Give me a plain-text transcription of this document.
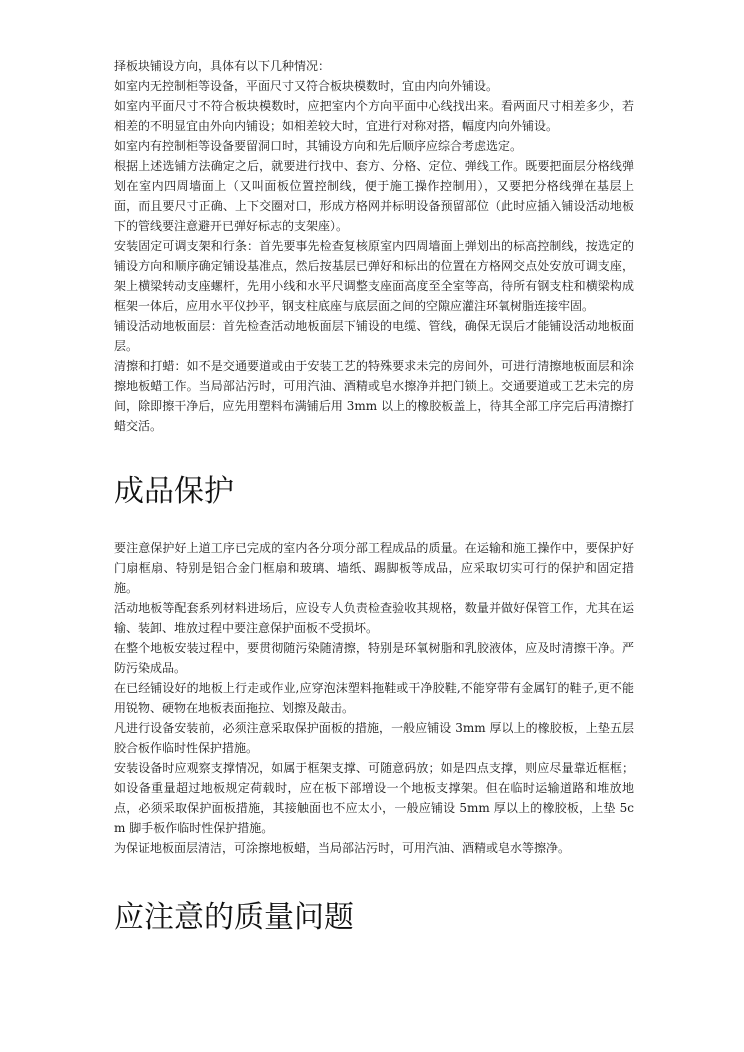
择板块铺设方向，具体有以下几种情况：

如室内无控制柜等设备，平面尺寸又符合板块模数时，宜由内向外铺设。

如室内平面尺寸不符合板块模数时，应把室内个方向平面中心线找出来。看两面尺寸相差多少，若相差的不明显宜由外向内铺设；如相差较大时，宜进行对称对搭，幅度内向外铺设。

如室内有控制柜等设备要留洞口时，其铺设方向和先后顺序应综合考虑选定。

根据上述选铺方法确定之后，就要进行找中、套方、分格、定位、弹线工作。既要把面层分格线弹划在室内四周墙面上（又叫面板位置控制线，便于施工操作控制用），又要把分格线弹在基层上面，而且要尺寸正确、上下交圈对口，形成方格网并标明设备预留部位（此时应插入铺设活动地板下的管线要注意避开已弹好标志的支架座）。

安装固定可调支架和行条：首先要事先检查复核原室内四周墙面上弹划出的标高控制线，按选定的铺设方向和顺序确定铺设基准点，然后按基层已弹好和标出的位置在方格网交点处安放可调支座，架上横梁转动支座螺杆，先用小线和水平尺调整支座面高度至全室等高，待所有钢支柱和横梁构成框架一体后，应用水平仪抄平，钢支柱底座与底层面之间的空隙应灌注环氧树脂连接牢固。

铺设活动地板面层：首先检查活动地板面层下铺设的电缆、管线，确保无误后才能铺设活动地板面层。

清擦和打蜡：如不是交通要道或由于安装工艺的特殊要求未完的房间外，可进行清擦地板面层和涂擦地板蜡工作。当局部沾污时，可用汽油、酒精或皂水擦净并把门锁上。交通要道或工艺未完的房间，除即擦干净后，应先用塑料布满铺后用 3mm 以上的橡胶板盖上，待其全部工序完后再清擦打蜡交活。

成品保护

要注意保护好上道工序已完成的室内各分项分部工程成品的质量。在运输和施工操作中，要保护好门扇框扇、特别是铝合金门框扇和玻璃、墙纸、踢脚板等成品，应采取切实可行的保护和固定措施。

活动地板等配套系列材料进场后，应设专人负责检查验收其规格，数量并做好保管工作，尤其在运输、装卸、堆放过程中要注意保护面板不受损坏。

在整个地板安装过程中，要贯彻随污染随清擦，特别是环氧树脂和乳胶液体，应及时清擦干净。严防污染成品。

在已经铺设好的地板上行走或作业,应穿泡沫塑料拖鞋或干净胶鞋,不能穿带有金属钉的鞋子,更不能用锐物、硬物在地板表面拖拉、划擦及敲击。

凡进行设备安装前，必须注意采取保护面板的措施，一般应铺设 3mm 厚以上的橡胶板，上垫五层胶合板作临时性保护措施。

安装设备时应观察支撑情况，如属于框架支撑、可随意码放；如是四点支撑，则应尽量靠近框框；如设备重量超过地板规定荷载时，应在板下部增设一个地板支撑架。但在临时运输道路和堆放地点，必须采取保护面板措施，其接触面也不应太小，一般应铺设 5mm 厚以上的橡胶板，上垫 5cm 脚手板作临时性保护措施。

为保证地板面层清洁，可涂擦地板蜡，当局部沾污时，可用汽油、酒精或皂水等擦净。

应注意的质量问题
